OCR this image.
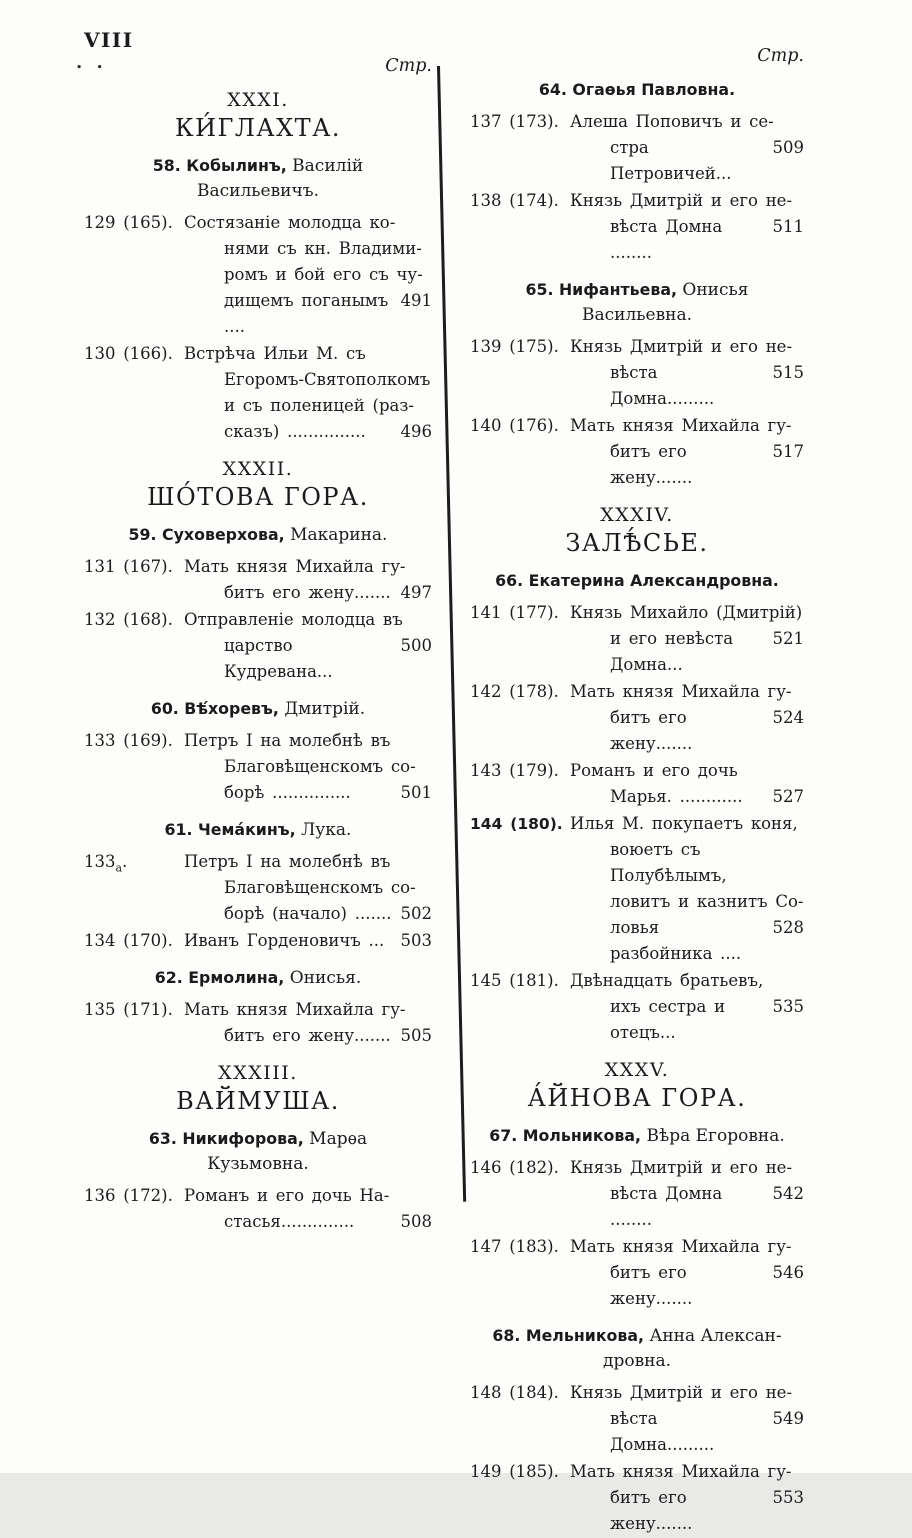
VIII
. .	Стр.
XXXI.
КИ́ГЛАХТА.
58. Кобылинъ, Василій
Васильевичъ.
129 (165). Состязаніе молодца ко-
нями съ кн. Владими-
ромъ и бой его съ чу-
дищемъ поганымъ ....
491
130 (166). Встрѣча Ильи М. съ
Егоромъ-Святополкомъ
и съ поленицей (раз-
сказъ) ............... 496
XXXII.
ШО́ТОВА ГОРА.
59. Суховерхова, Макарина.
131 (167). Мать князя Михайла гу-
битъ его жену....... 497
132 (168). Отправленіе молодца въ
царство Кудревана...
500
60. Вѣ́хоревъ, Дмитрій.
133 (169). Петръ I на молебнѣ въ
Благовѣщенскомъ со-
борѣ ...............	501
61. Чема́кинъ, Лука.
$133_a$.	Петръ I на молебнѣ въ
Благовѣщенскомъ со-
борѣ (начало) ....... 502
134 (170). Иванъ Горденовичъ ... 503
62. Ермолина, Онисья.
135 (171). Мать князя Михайла гу-
битъ его жену....... 505
XXXIII.
ВАЙМУША.
63. Никифорова, Марѳа
Кузьмовна.
136 (172). Романъ и его дочь На-
стасья..............	508
Стр.
64. Огаѳья Павловна.
137 (173). Алеша Поповичъ и се-
стра Петровичей...
509
138 (174). Князь Дмитрій и его не-
вѣста Домна ........
511
65. Нифантьева, Онисья
Васильевна.
139 (175). Князь Дмитрій и его не-
вѣста Домна.........
515
140 (176). Мать князя Михайла гу-
битъ его жену.......
517
XXXIV.
ЗАЛѢ́СЬЕ.
66. Екатерина Александровна.
141 (177). Князь Михайло (Дмитрій)
и его невѣста Домна...
521
142 (178). Мать князя Михайла гу-
битъ его жену.......
524
143 (179). Романъ и его дочь
Марья. ............ 527
144 (180). Илья М. покупаетъ коня,
воюетъ съ Полубѣлымъ,
ловитъ и казнитъ Со-
ловья разбойника ....
528
145 (181). Двѣнадцать братьевъ,
ихъ сестра и отецъ...
535
XXXV.
А́ЙНОВА ГОРА.
67. Мольникова, Вѣра Егоровна.
146 (182). Князь Дмитрій и его не-
вѣста Домна ........
542
147 (183). Мать князя Михайла гу-
битъ его жену.......
546
68. Мельникова, Анна Алексан-
дровна.
148 (184). Князь Дмитрій и его не-
вѣста Домна.........
549
149 (185). Мать князя Михайла гу-
битъ его жену.......
553
